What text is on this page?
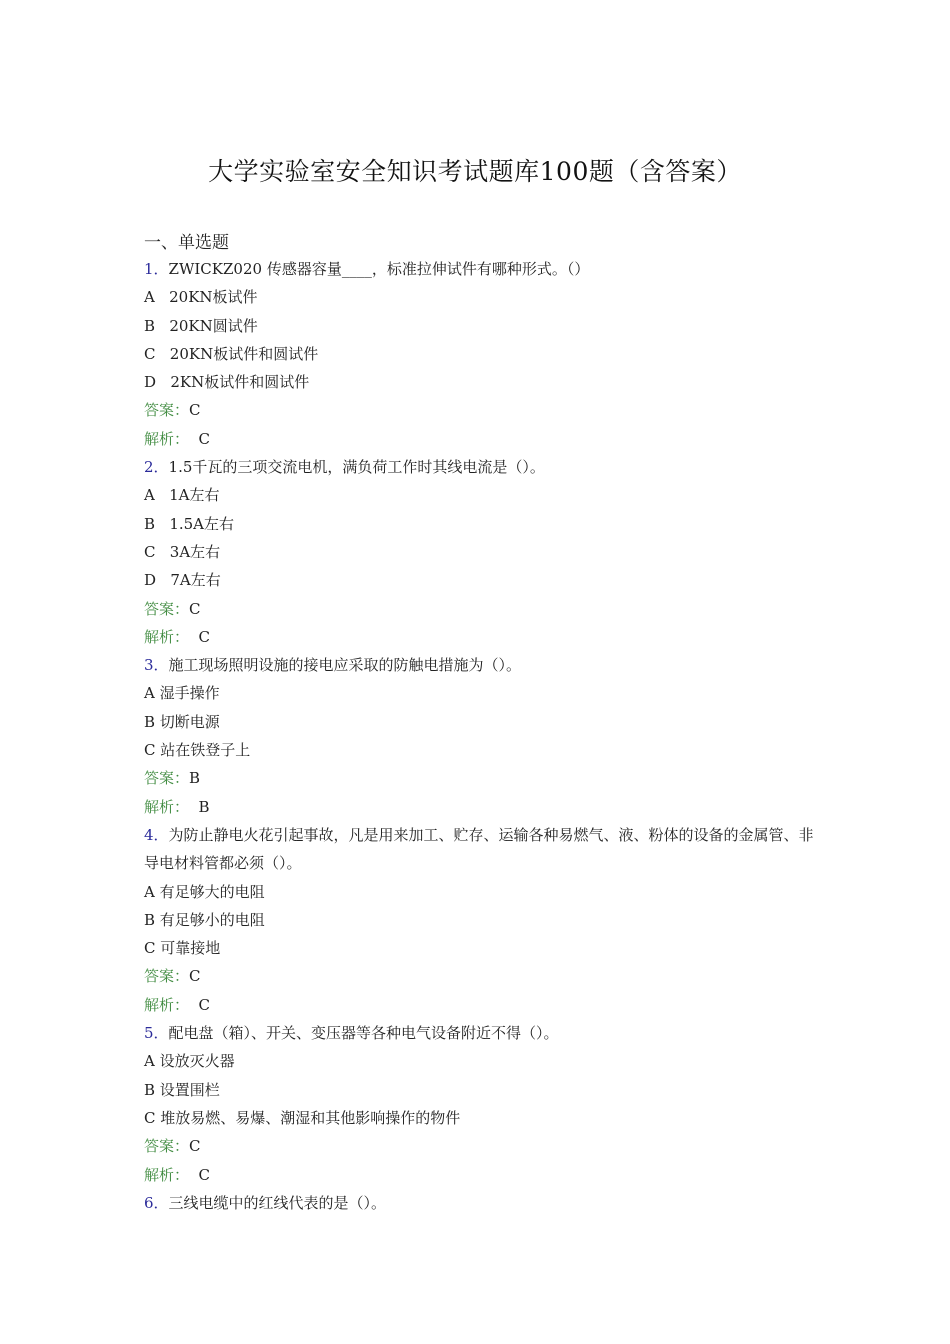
大学实验室安全知识考试题库100题（含答案）
一、单选题

1．ZWICKZ020 传感器容量____，标准拉伸试件有哪种形式。（）

A   20KN板试件

B   20KN圆试件

C   20KN板试件和圆试件

D   2KN板试件和圆试件

答案：C

解析：  C

2．1.5千瓦的三项交流电机，满负荷工作时其线电流是（）。

A   1A左右

B   1.5A左右

C   3A左右

D   7A左右

答案：C

解析：  C

3．施工现场照明设施的接电应采取的防触电措施为（）。

A 湿手操作

B 切断电源

C 站在铁登子上

答案：B

解析：  B

4．为防止静电火花引起事故，凡是用来加工、贮存、运输各种易燃气、液、粉体的设备的金属管、非导电材料管都必须（）。

A 有足够大的电阻

B 有足够小的电阻

C 可靠接地

答案：C

解析：  C

5．配电盘（箱）、开关、变压器等各种电气设备附近不得（）。

A 设放灭火器

B 设置围栏

C 堆放易燃、易爆、潮湿和其他影响操作的物件

答案：C

解析：  C

6．三线电缆中的红线代表的是（）。
